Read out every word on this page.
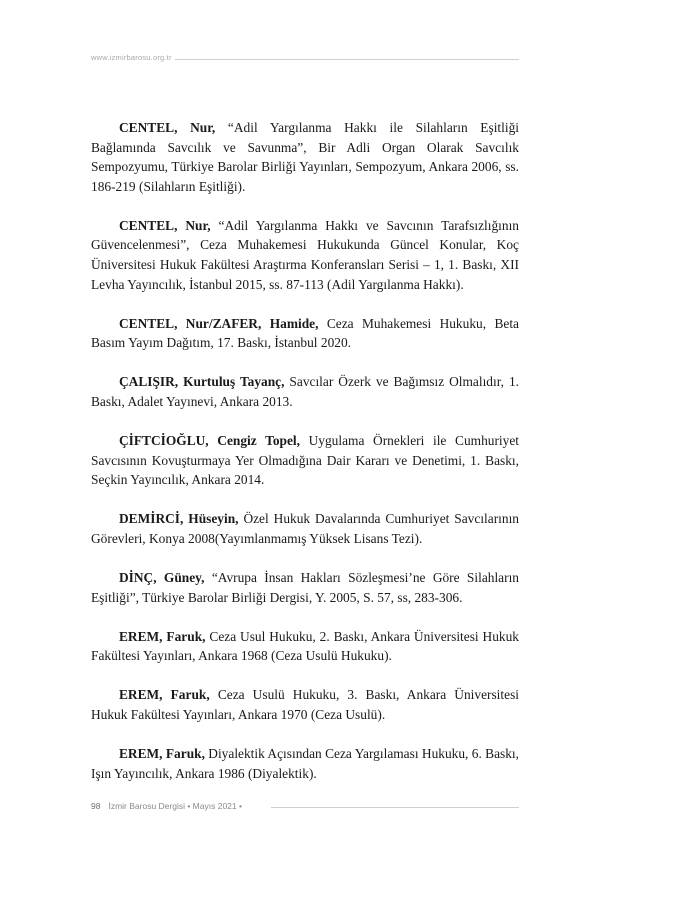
www.izmirbarosu.org.tr

CENTEL, Nur, “Adil Yargılanma Hakkı ile Silahların Eşitliği Bağlamında Savcılık ve Savunma”, Bir Adli Organ Olarak Savcılık Sempozyumu, Türkiye Barolar Birliği Yayınları, Sempozyum, Ankara 2006, ss. 186-219 (Silahların Eşitliği).

CENTEL, Nur, “Adil Yargılanma Hakkı ve Savcının Tarafsızlığının Güvencelenmesi”, Ceza Muhakemesi Hukukunda Güncel Konular, Koç Üniversitesi Hukuk Fakültesi Araştırma Konferansları Serisi – 1, 1. Baskı, XII Levha Yayıncılık, İstanbul 2015, ss. 87-113 (Adil Yargılanma Hakkı).

CENTEL, Nur/ZAFER, Hamide, Ceza Muhakemesi Hukuku, Beta Basım Yayım Dağıtım, 17. Baskı, İstanbul 2020.

ÇALIŞIR, Kurtuluş Tayanç, Savcılar Özerk ve Bağımsız Olmalıdır, 1. Baskı, Adalet Yayınevi, Ankara 2013.

ÇİFTCİOĞLU, Cengiz Topel, Uygulama Örnekleri ile Cumhuriyet Savcısının Kovuşturmaya Yer Olmadığına Dair Kararı ve Denetimi, 1. Baskı, Seçkin Yayıncılık, Ankara 2014.

DEMİRCİ, Hüseyin, Özel Hukuk Davalarında Cumhuriyet Savcılarının Görevleri, Konya 2008(Yayımlanmamış Yüksek Lisans Tezi).

DİNÇ, Güney, “Avrupa İnsan Hakları Sözleşmesi’ne Göre Silahların Eşitliği”, Türkiye Barolar Birliği Dergisi, Y. 2005, S. 57, ss, 283-306.

EREM, Faruk, Ceza Usul Hukuku, 2. Baskı, Ankara Üniversitesi Hukuk Fakültesi Yayınları, Ankara 1968 (Ceza Usulü Hukuku).

EREM, Faruk, Ceza Usulü Hukuku, 3. Baskı, Ankara Üniversitesi Hukuk Fakültesi Yayınları, Ankara 1970 (Ceza Usulü).

EREM, Faruk, Diyalektik Açısından Ceza Yargılaması Hukuku, 6. Baskı, Işın Yayıncılık, Ankara 1986 (Diyalektik).

98 İzmir Barosu Dergisi • Mayıs 2021 •
